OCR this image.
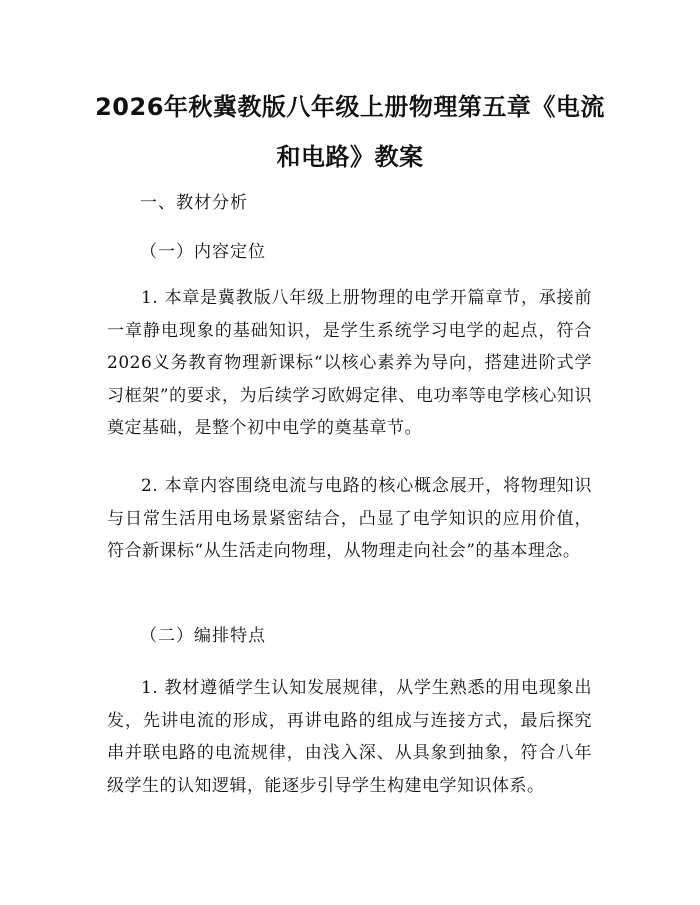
2026年秋冀教版八年级上册物理第五章《电流和电路》教案

一、教材分析

（一）内容定位

1. 本章是冀教版八年级上册物理的电学开篇章节，承接前一章静电现象的基础知识，是学生系统学习电学的起点，符合2026义务教育物理新课标“以核心素养为导向，搭建进阶式学习框架”的要求，为后续学习欧姆定律、电功率等电学核心知识奠定基础，是整个初中电学的奠基章节。

2. 本章内容围绕电流与电路的核心概念展开，将物理知识与日常生活用电场景紧密结合，凸显了电学知识的应用价值，符合新课标“从生活走向物理，从物理走向社会”的基本理念。

（二）编排特点

1. 教材遵循学生认知发展规律，从学生熟悉的用电现象出发，先讲电流的形成，再讲电路的组成与连接方式，最后探究串并联电路的电流规律，由浅入深、从具象到抽象，符合八年级学生的认知逻辑，能逐步引导学生构建电学知识体系。
